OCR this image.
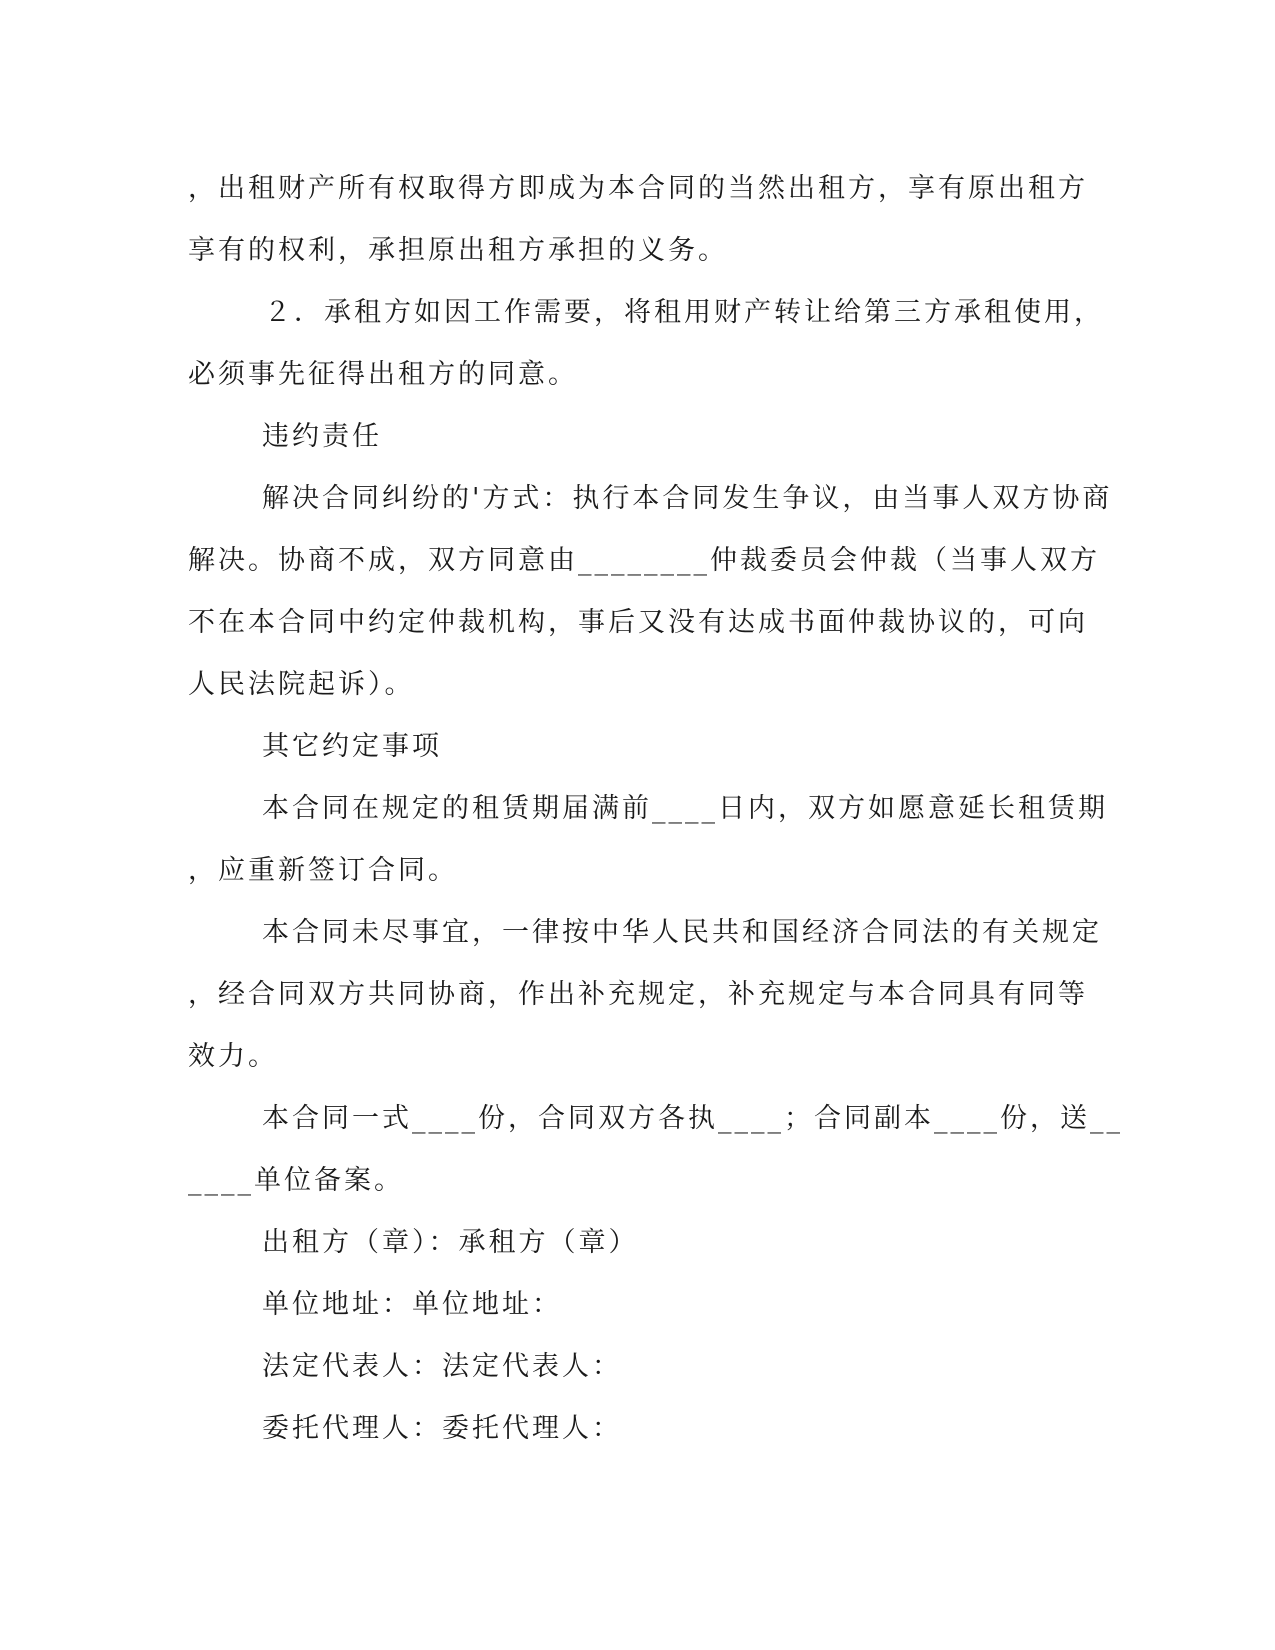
，出租财产所有权取得方即成为本合同的当然出租方，享有原出租方
享有的权利，承担原出租方承担的义务。
２．承租方如因工作需要，将租用财产转让给第三方承租使用，
必须事先征得出租方的同意。
违约责任
解决合同纠纷的'方式：执行本合同发生争议，由当事人双方协商
解决。协商不成，双方同意由________仲裁委员会仲裁（当事人双方
不在本合同中约定仲裁机构，事后又没有达成书面仲裁协议的，可向
人民法院起诉）。
其它约定事项
本合同在规定的租赁期届满前____日内，双方如愿意延长租赁期
，应重新签订合同。
本合同未尽事宜，一律按中华人民共和国经济合同法的有关规定
，经合同双方共同协商，作出补充规定，补充规定与本合同具有同等
效力。
本合同一式____份，合同双方各执____；合同副本____份，送__
____单位备案。
出租方（章）：承租方（章）
单位地址：单位地址：
法定代表人：法定代表人：
委托代理人：委托代理人：
